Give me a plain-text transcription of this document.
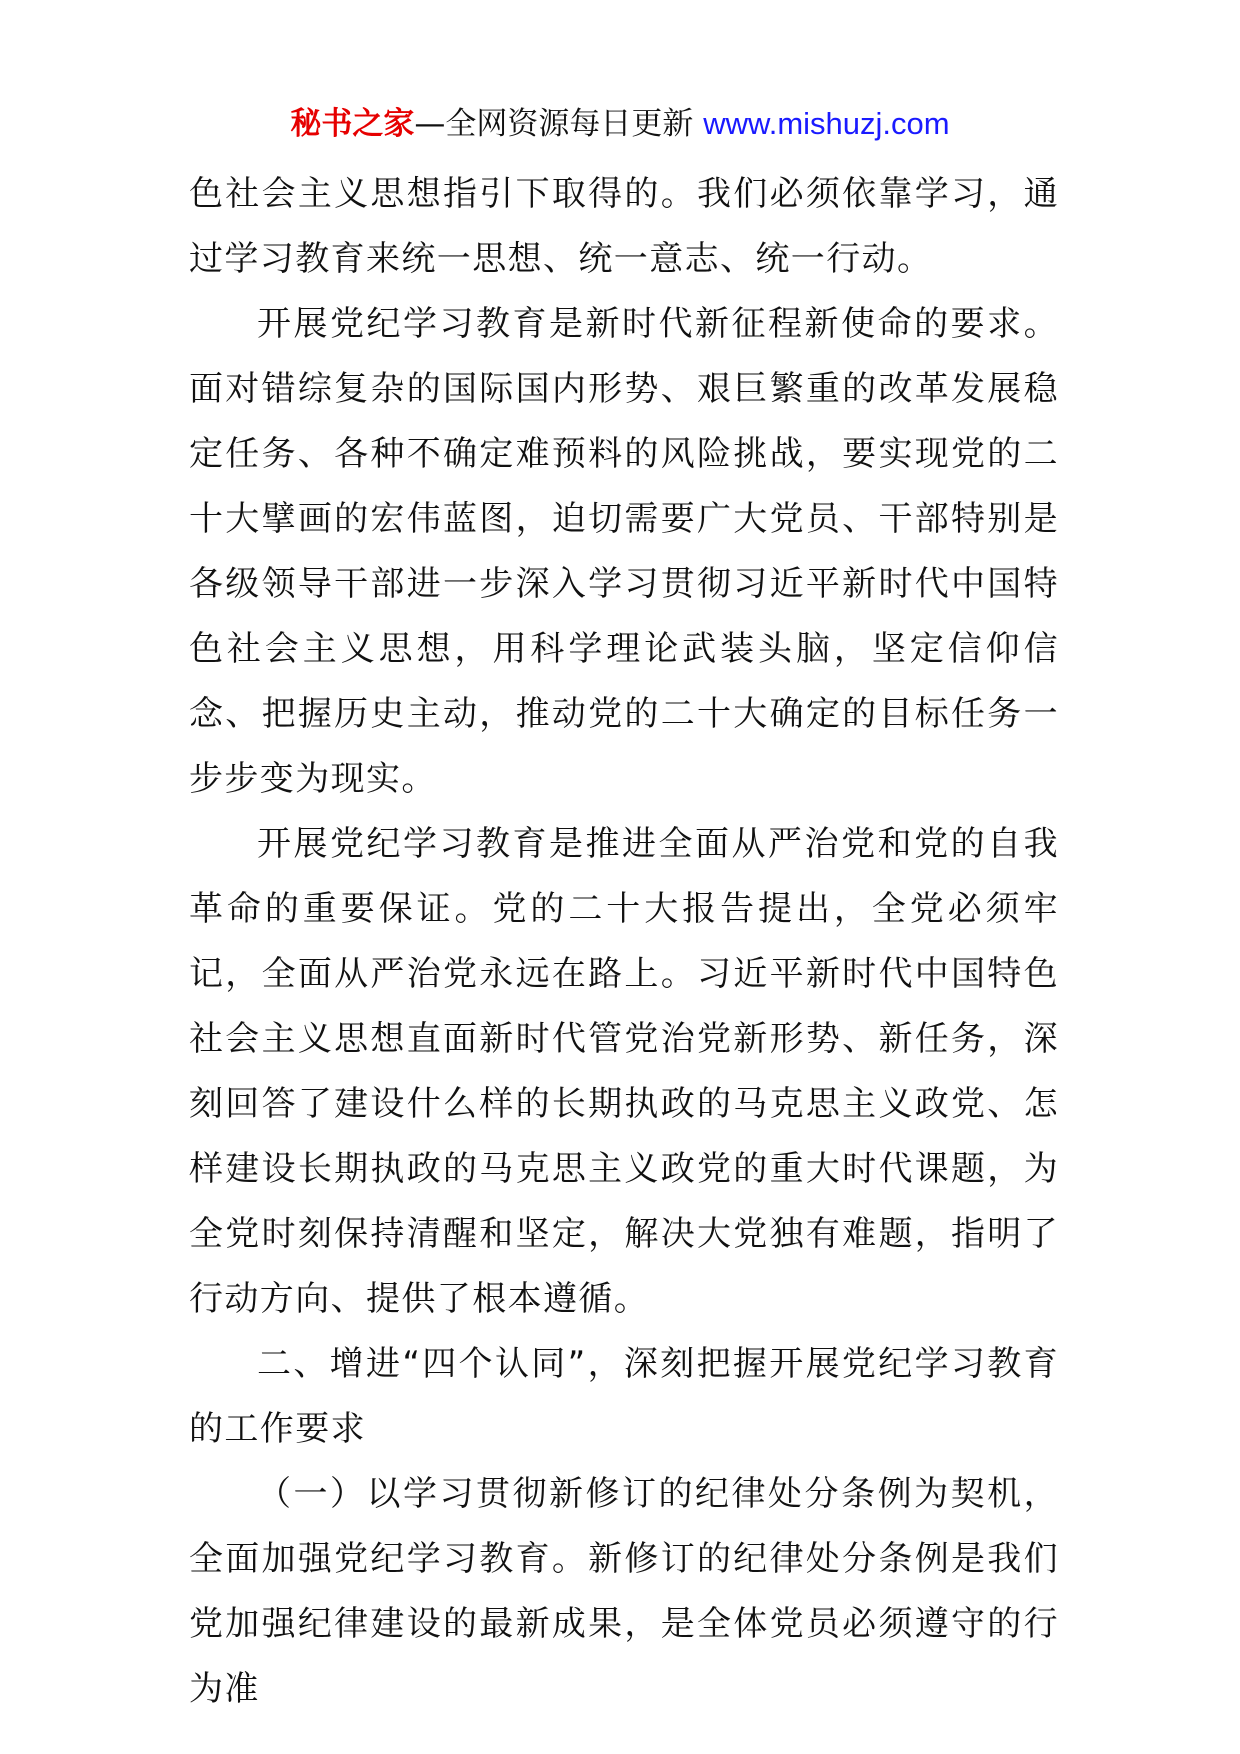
秘书之家—全网资源每日更新 www.mishuzj.com

色社会主义思想指引下取得的。我们必须依靠学习，通过学习教育来统一思想、统一意志、统一行动。

开展党纪学习教育是新时代新征程新使命的要求。面对错综复杂的国际国内形势、艰巨繁重的改革发展稳定任务、各种不确定难预料的风险挑战，要实现党的二十大擘画的宏伟蓝图，迫切需要广大党员、干部特别是各级领导干部进一步深入学习贯彻习近平新时代中国特色社会主义思想，用科学理论武装头脑，坚定信仰信念、把握历史主动，推动党的二十大确定的目标任务一步步变为现实。

开展党纪学习教育是推进全面从严治党和党的自我革命的重要保证。党的二十大报告提出，全党必须牢记，全面从严治党永远在路上。习近平新时代中国特色社会主义思想直面新时代管党治党新形势、新任务，深刻回答了建设什么样的长期执政的马克思主义政党、怎样建设长期执政的马克思主义政党的重大时代课题，为全党时刻保持清醒和坚定，解决大党独有难题，指明了行动方向、提供了根本遵循。

二、增进“四个认同”，深刻把握开展党纪学习教育的工作要求

（一）以学习贯彻新修订的纪律处分条例为契机，全面加强党纪学习教育。新修订的纪律处分条例是我们党加强纪律建设的最新成果，是全体党员必须遵守的行为准
